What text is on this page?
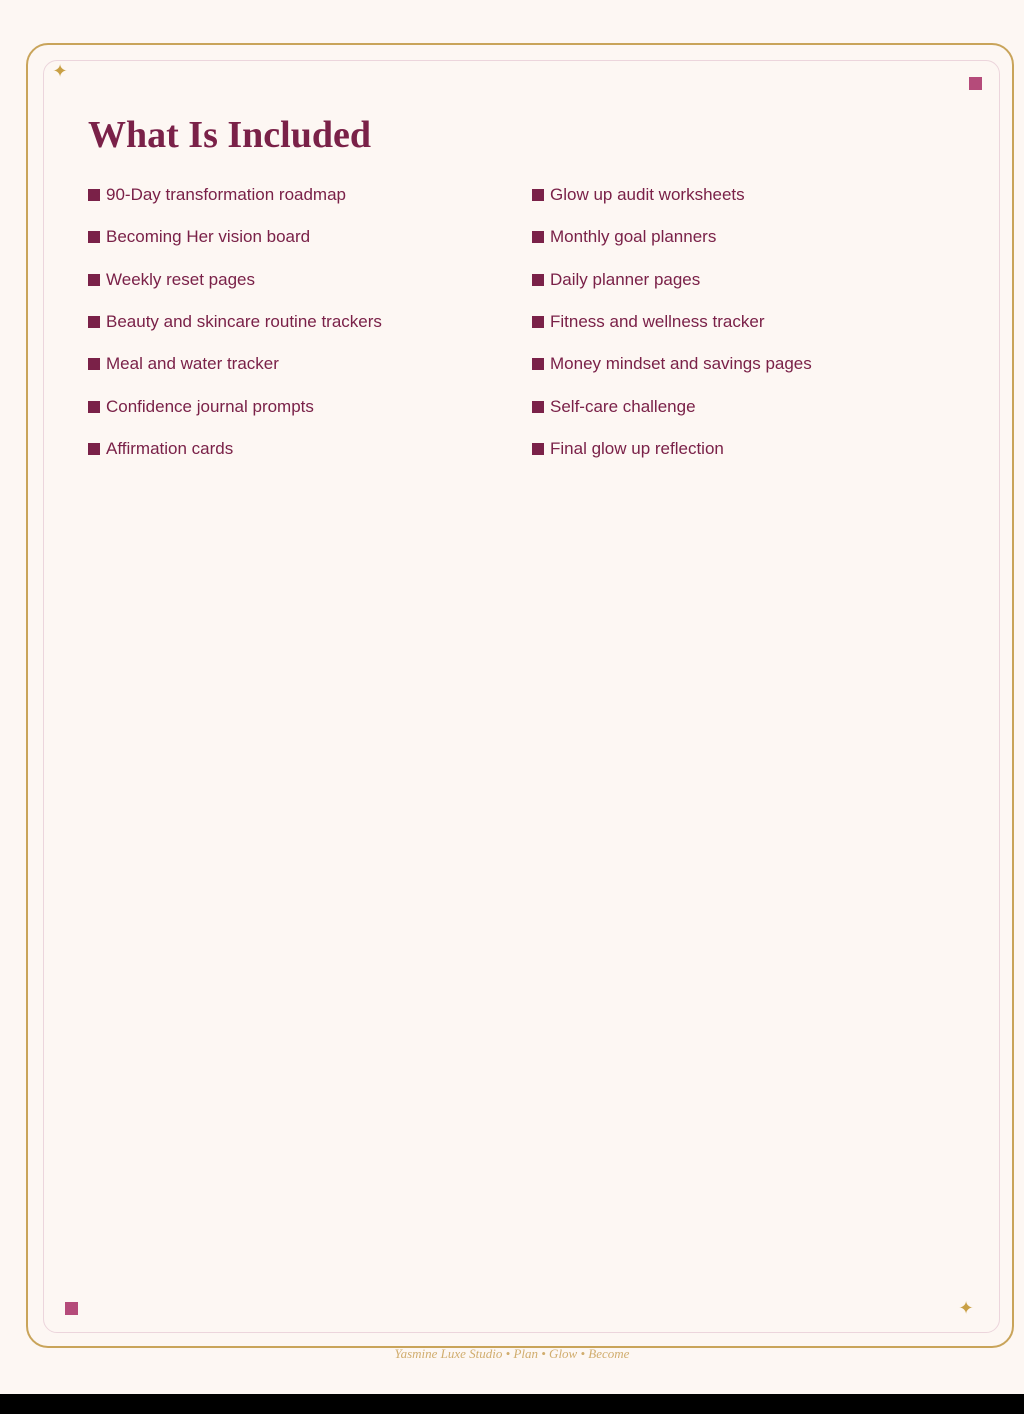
✦
✦
What Is Included
90-Day transformation roadmap
Becoming Her vision board
Weekly reset pages
Beauty and skincare routine trackers
Meal and water tracker
Confidence journal prompts
Affirmation cards
Glow up audit worksheets
Monthly goal planners
Daily planner pages
Fitness and wellness tracker
Money mindset and savings pages
Self-care challenge
Final glow up reflection
Yasmine Luxe Studio • Plan • Glow • Become
